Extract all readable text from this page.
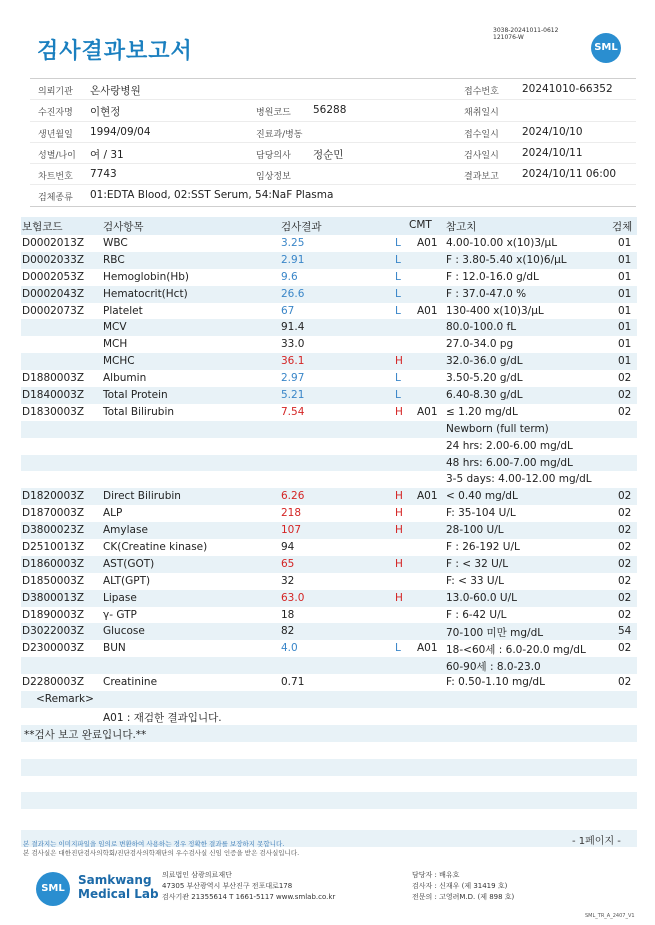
검사결과보고서
3038-20241011-0612
121076-W
SML
의뢰기관 온사랑병원	접수번호 20241010-66352
수진자명 이현정	병원코드 56288	채취일시
생년월일 1994/09/04	진료과/병동	접수일시 2024/10/10
성별/나이 여 / 31	담당의사 정순민	검사일시 2024/10/11
차트번호 7743	임상정보	결과보고 2024/10/11 06:00
검체종류 01:EDTA Blood, 02:SST Serum, 54:NaF Plasma
보험코드	검사항목	검사결과	CMT 참고치	검체
D0002013Z WBC	3.25	L A01 4.00-10.00 x(10)3/μL	01
D0002033Z RBC	2.91	L	F : 3.80-5.40 x(10)6/μL	01
D0002053Z Hemoglobin(Hb)	9.6	L	F : 12.0-16.0 g/dL	01
D0002043Z Hematocrit(Hct)	26.6	L	F : 37.0-47.0 %	01
D0002073Z Platelet	67	L A01 130-400 x(10)3/μL	01
MCV	91.4	80.0-100.0 fL	01
MCH	33.0	27.0-34.0 pg	01
MCHC	36.1	H	32.0-36.0 g/dL	01
D1880003Z Albumin	2.97	L	3.50-5.20 g/dL	02
D1840003Z Total Protein	5.21	L	6.40-8.30 g/dL	02
D1830003Z Total Bilirubin	7.54	H A01 ≤ 1.20 mg/dL	02
Newborn (full term)
24 hrs: 2.00-6.00 mg/dL
48 hrs: 6.00-7.00 mg/dL
3-5 days: 4.00-12.00 mg/dL
D1820003Z Direct Bilirubin	6.26	H A01 < 0.40 mg/dL	02
D1870003Z ALP	218	H	F: 35-104 U/L	02
D3800023Z Amylase	107	H	28-100 U/L	02
D2510013Z CK(Creatine kinase)	94	F : 26-192 U/L	02
D1860003Z AST(GOT)	65	H	F : < 32 U/L	02
D1850003Z ALT(GPT)	32	F: < 33 U/L	02
D3800013Z Lipase	63.0	H	13.0-60.0 U/L	02
D1890003Z γ- GTP	18	F : 6-42 U/L	02
D3022003Z Glucose	82	70-100 미만 mg/dL	54
D2300003Z BUN	4.0	L A01 18-<60세 : 6.0-20.0 mg/dL	02
60-90세 : 8.0-23.0
D2280003Z Creatinine	0.71	F: 0.50-1.10 mg/dL	02
<Remark>
A01 : 재검한 결과입니다.
**검사 보고 완료입니다.**
- 1페이지 -
본 결과지는 이미지파일을 임의로 변환하여 사용하는 경우 정확한 결과를 보장하지 못합니다.
본 검사실은 대한진단검사의학회/진단검사의학재단의 우수검사실 신임 인증을 받은 검사실입니다.
SML
Samkwang
Medical Lab
의료법인 삼광의료재단
47305 부산광역시 부산진구 전포대로178
검사기관 21355614 T 1661-5117 www.smlab.co.kr
담당자 : 배유호
검사자 : 신재우 (제 31419 호)
전문의 : 고영려M.D. (제 898 호)
SML_TR_A_2407_V1
